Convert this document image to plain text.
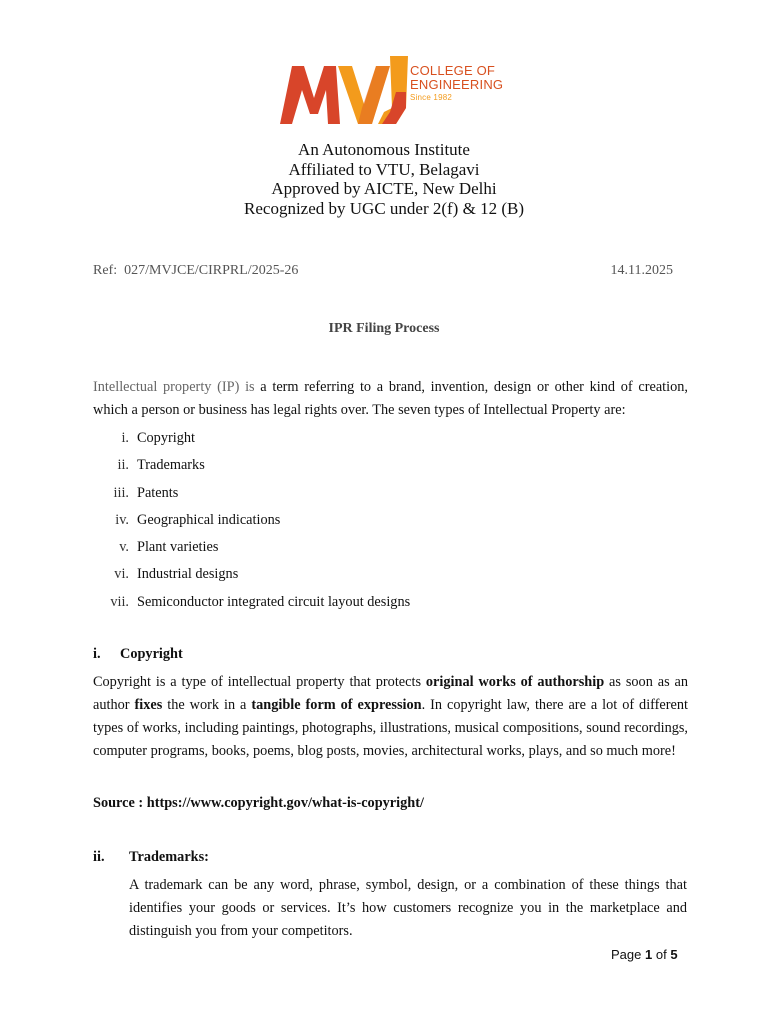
COLLEGE OF
ENGINEERING
Since 1982
An Autonomous Institute
Affiliated to VTU, Belagavi
Approved by AICTE, New Delhi
Recognized by UGC under 2(f) & 12 (B)
Ref: 027/MVJCE/CIRPRL/2025-26	14.11.2025
IPR Filing Process
Intellectual property (IP) is a term referring to a brand, invention, design or other kind of creation, which a person or business has legal rights over. The seven types of Intellectual Property are:
i. Copyright
ii. Trademarks
iii. Patents
iv. Geographical indications
v. Plant varieties
vi. Industrial designs
vii. Semiconductor integrated circuit layout designs
i.	Copyright
Copyright is a type of intellectual property that protects original works of authorship as soon as an author fixes the work in a tangible form of expression. In copyright law, there are a lot of different types of works, including paintings, photographs, illustrations, musical compositions, sound recordings, computer programs, books, poems, blog posts, movies, architectural works, plays, and so much more!
Source : https://www.copyright.gov/what-is-copyright/
ii.	Trademarks:
A trademark can be any word, phrase, symbol, design, or a combination of these things that identifies your goods or services. It’s how customers recognize you in the marketplace and distinguish you from your competitors.
Page 1 of 5
